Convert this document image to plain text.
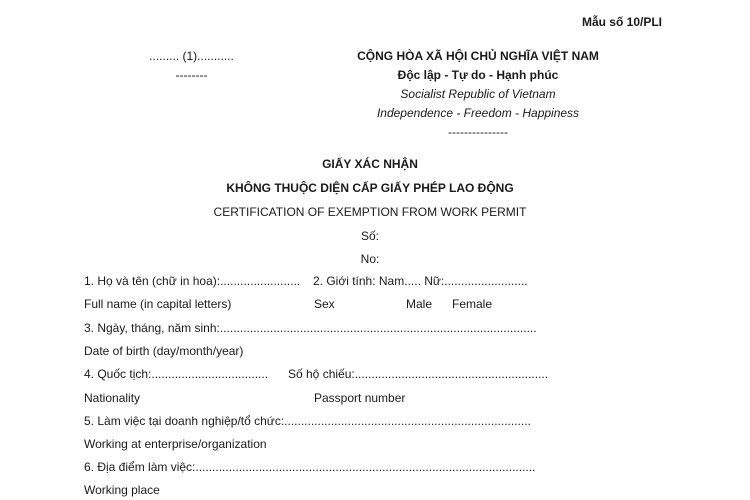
Mẫu số 10/PLI
......... (1)...........
--------
CỘNG HÒA XÃ HỘI CHỦ NGHĨA VIỆT NAM
Độc lập - Tự do - Hạnh phúc
Socialist Republic of Vietnam
Independence - Freedom - Happiness
---------------
GIẤY XÁC NHẬN
KHÔNG THUỘC DIỆN CẤP GIẤY PHÉP LAO ĐỘNG
CERTIFICATION OF EXEMPTION FROM WORK PERMIT
Số:
No:
1. Họ và tên (chữ in hoa):........................ 2. Giới tính: Nam..... Nữ:.........................
Full name (in capital letters)	Sex	Male Female
3. Ngày, tháng, năm sinh:...............................................................................................
Date of birth (day/month/year)
4. Quốc tịch:................................... Số hộ chiếu:..........................................................
Nationality	Passport number
5. Làm việc tại doanh nghiệp/tổ chức:..........................................................................
Working at enterprise/organization
6. Địa điểm làm việc:......................................................................................................
Working place
